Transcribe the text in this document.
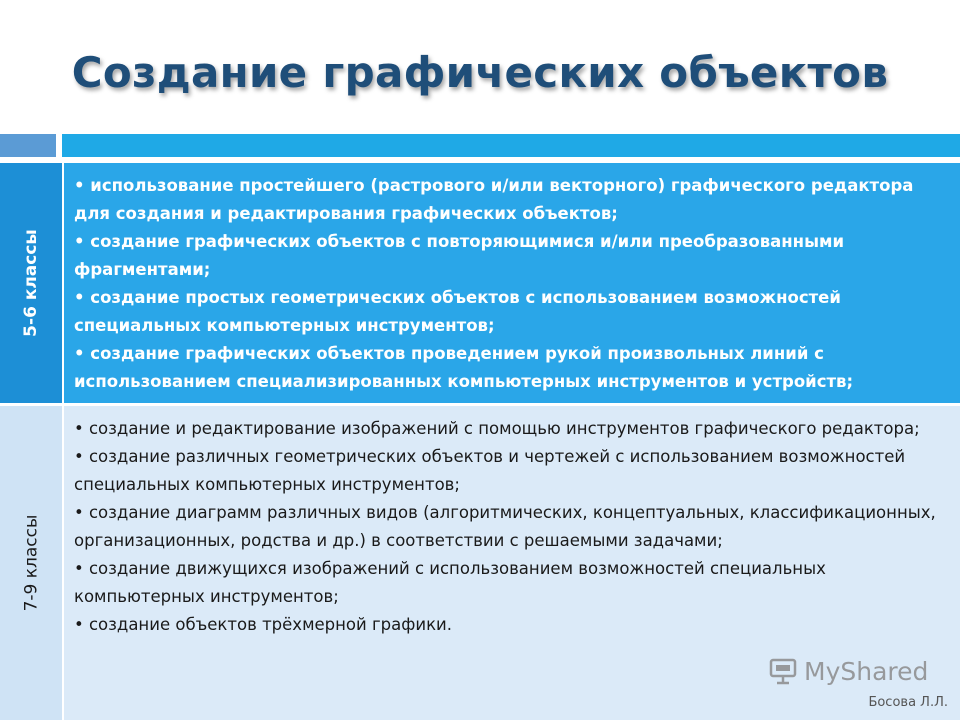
Создание графических объектов
5-6 классы

• использование простейшего (растрового и/или векторного) графического редактора для создания и редактирования графических объектов;

• создание графических объектов с повторяющимися и/или преобразованными фрагментами;

• создание простых геометрических объектов с использованием возможностей специальных компьютерных инструментов;

• создание графических объектов проведением рукой произвольных линий с использованием специализированных компьютерных инструментов и устройств;

7-9 классы

• создание и редактирование изображений с помощью инструментов графического редактора;

• создание различных геометрических объектов и чертежей с использованием возможностей специальных компьютерных инструментов;

• создание диаграмм различных видов (алгоритмических, концептуальных, классификационных, организационных, родства и др.) в соответствии с решаемыми задачами;

• создание движущихся изображений с использованием возможностей специальных компьютерных инструментов;

• создание объектов трёхмерной графики.

MyShared
Босова Л.Л.
